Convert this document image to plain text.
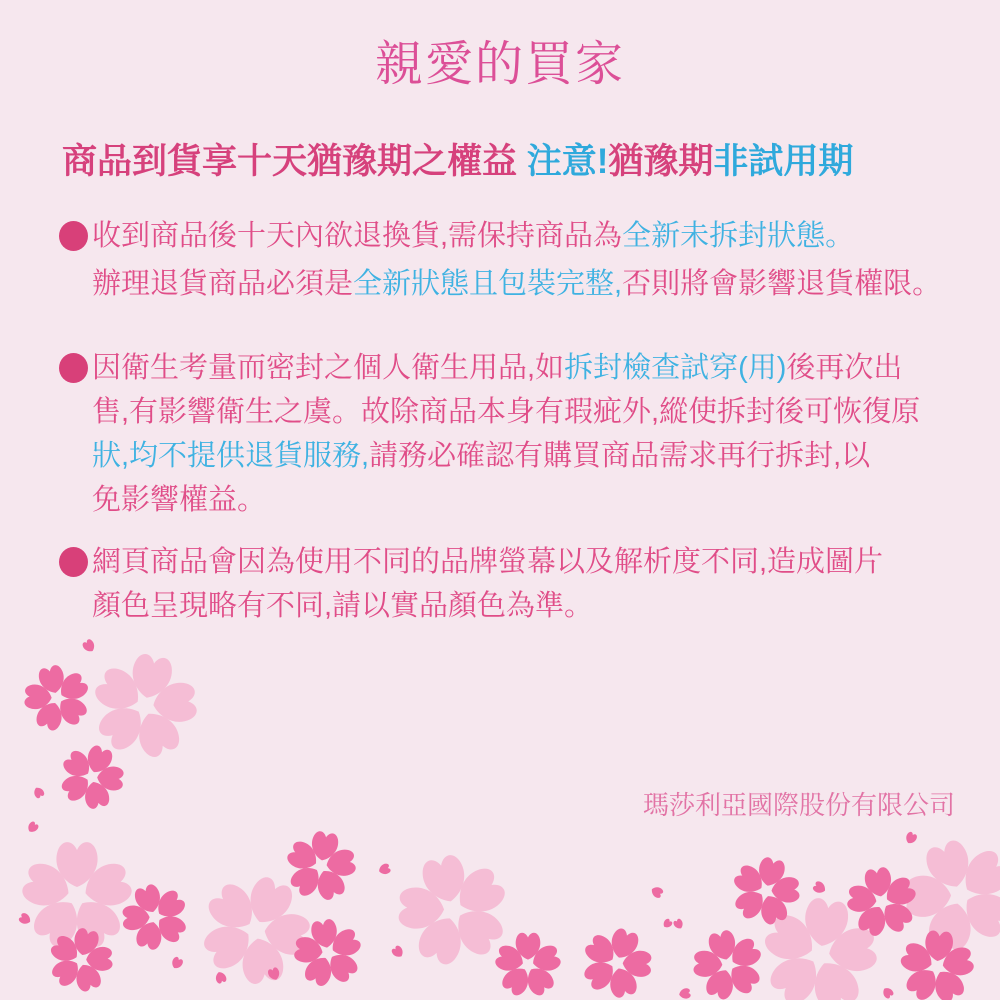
親愛的買家
商品到貨享十天猶豫期之權益 注意!猶豫期非試用期
收到商品後十天內欲退換貨,需保持商品為全新未拆封狀態。
辦理退貨商品必須是全新狀態且包裝完整,否則將會影響退貨權限。
因衛生考量而密封之個人衛生用品,如拆封檢查試穿(用)後再次出
售,有影響衛生之虞。故除商品本身有瑕疵外,縱使拆封後可恢復原
狀,均不提供退貨服務,請務必確認有購買商品需求再行拆封,以
免影響權益。
網頁商品會因為使用不同的品牌螢幕以及解析度不同,造成圖片
顏色呈現略有不同,請以實品顏色為準。
瑪莎利亞國際股份有限公司
